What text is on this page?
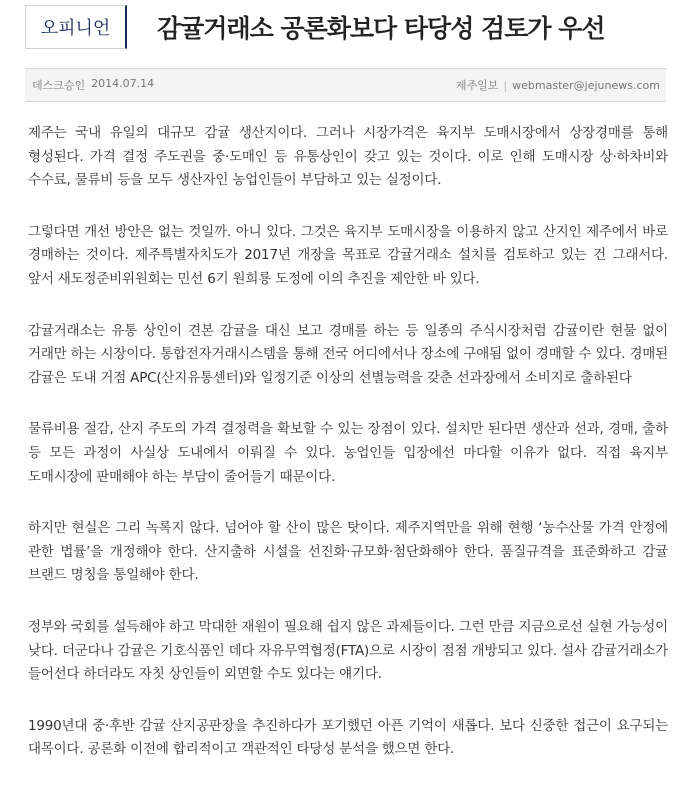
오피니언	감귤거래소 공론화보다 타당성 검토가 우선
데스크승인 2014.07.14	제주일보 | webmaster@jejunews.com

제주는 국내 유일의 대규모 감귤 생산지이다. 그러나 시장가격은 육지부 도매시장에서 상장경매를 통해 형성된다. 가격 결정 주도권을 중·도매인 등 유통상인이 갖고 있는 것이다. 이로 인해 도매시장 상·하차비와 수수료, 물류비 등을 모두 생산자인 농업인들이 부담하고 있는 실정이다.

그렇다면 개선 방안은 없는 것일까. 아니 있다. 그것은 육지부 도매시장을 이용하지 않고 산지인 제주에서 바로 경매하는 것이다. 제주특별자치도가 2017년 개장을 목표로 감귤거래소 설치를 검토하고 있는 건 그래서다. 앞서 새도정준비위원회는 민선 6기 원희룡 도정에 이의 추진을 제안한 바 있다.

감귤거래소는 유통 상인이 견본 감귤을 대신 보고 경매를 하는 등 일종의 주식시장처럼 감귤이란 현물 없이 거래만 하는 시장이다. 통합전자거래시스템을 통해 전국 어디에서나 장소에 구애됨 없이 경매할 수 있다. 경매된 감귤은 도내 거점 APC(산지유통센터)와 일정기준 이상의 선별능력을 갖춘 선과장에서 소비지로 출하된다

물류비용 절감, 산지 주도의 가격 결정력을 확보할 수 있는 장점이 있다. 설치만 된다면 생산과 선과, 경매, 출하 등 모든 과정이 사실상 도내에서 이뤄질 수 있다. 농업인들 입장에선 마다할 이유가 없다. 직접 육지부 도매시장에 판매해야 하는 부담이 줄어들기 때문이다.

하지만 현실은 그리 녹록지 않다. 넘어야 할 산이 많은 탓이다. 제주지역만을 위해 현행 ‘농수산물 가격 안정에 관한 법률’을 개정해야 한다. 산지출하 시설을 선진화·규모화·첨단화해야 한다. 품질규격을 표준화하고 감귤 브랜드 명칭을 통일해야 한다.

정부와 국회를 설득해야 하고 막대한 재원이 필요해 쉽지 않은 과제들이다. 그런 만큼 지금으로선 실현 가능성이 낮다. 더군다나 감귤은 기호식품인 데다 자유무역협정(FTA)으로 시장이 점점 개방되고 있다. 설사 감귤거래소가 들어선다 하더라도 자칫 상인들이 외면할 수도 있다는 얘기다.

1990년대 중·후반 감귤 산지공판장을 추진하다가 포기했던 아픈 기억이 새롭다. 보다 신중한 접근이 요구되는 대목이다. 공론화 이전에 합리적이고 객관적인 타당성 분석을 했으면 한다.
